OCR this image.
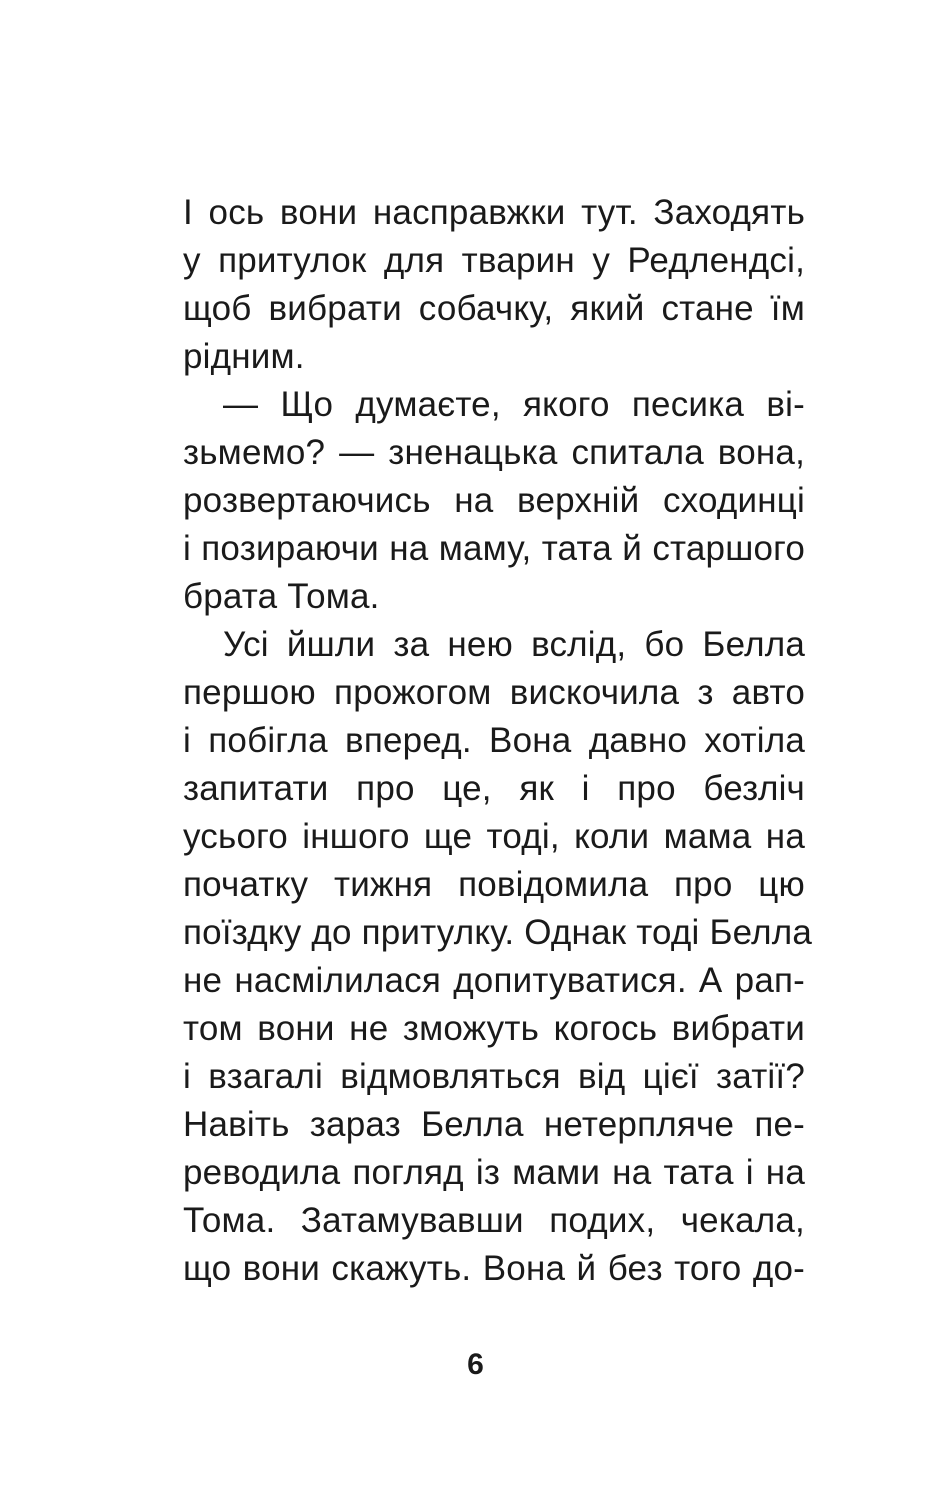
І ось вони насправжки тут. Заходять
у притулок для тварин у Редлендсі,
щоб вибрати собачку, який стане їм
рідним.
— Що думаєте, якого песика ві-
зьмемо? — зненацька спитала вона,
розвертаючись на верхній сходинці
і позираючи на маму, тата й старшого
брата Тома.
Усі йшли за нею вслід, бо Белла
першою прожогом вискочила з авто
і побігла вперед. Вона давно хотіла
запитати про це, як і про безліч
усього іншого ще тоді, коли мама на
початку тижня повідомила про цю
поїздку до притулку. Однак тоді Белла
не насмілилася допитуватися. А рап-
том вони не зможуть когось вибрати
і взагалі відмовляться від цієї затії?
Навіть зараз Белла нетерпляче пе-
реводила погляд із мами на тата і на
Тома. Затамувавши подих, чекала,
що вони скажуть. Вона й без того до-
6
